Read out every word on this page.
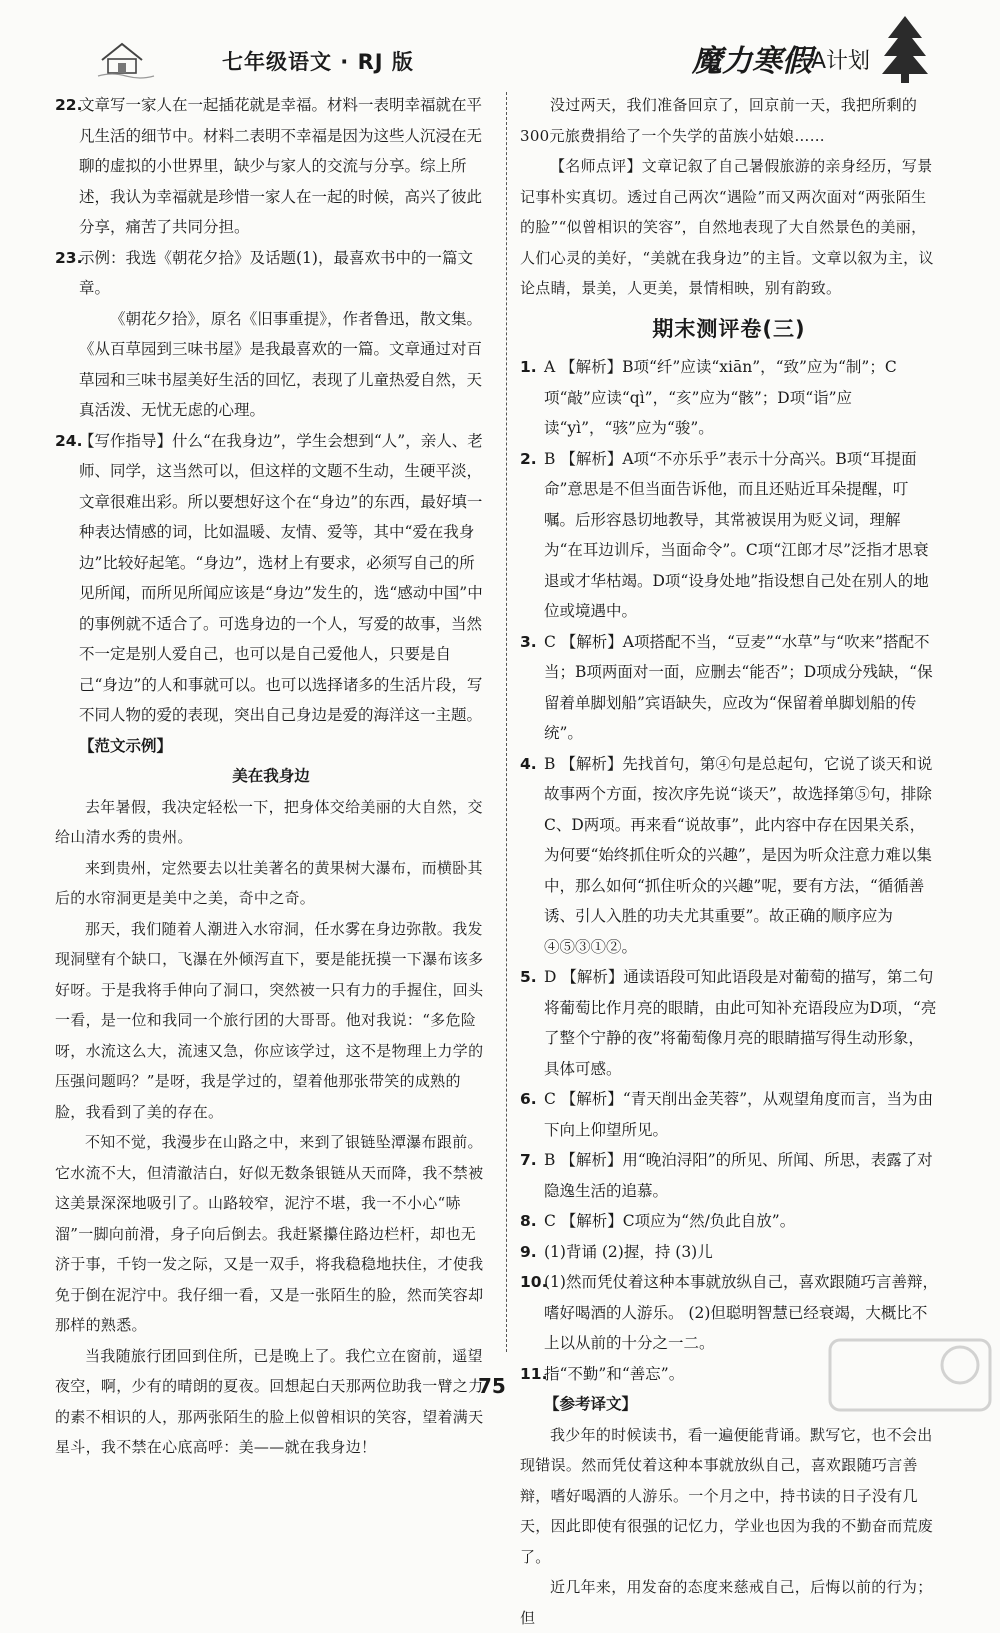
七年级语文 · RJ 版	魔力寒假 A计划
22.

文章写一家人在一起插花就是幸福。材料一表明幸福就在平凡生活的细节中。材料二表明不幸福是因为这些人沉浸在无聊的虚拟的小世界里，缺少与家人的交流与分享。综上所述，我认为幸福就是珍惜一家人在一起的时候，高兴了彼此分享，痛苦了共同分担。

23.

示例：我选《朝花夕拾》及话题(1)，最喜欢书中的一篇文章。

《朝花夕拾》，原名《旧事重提》，作者鲁迅，散文集。《从百草园到三味书屋》是我最喜欢的一篇。文章通过对百草园和三味书屋美好生活的回忆，表现了儿童热爱自然，天真活泼、无忧无虑的心理。

24.

【写作指导】什么“在我身边”，学生会想到“人”，亲人、老师、同学，这当然可以，但这样的文题不生动，生硬平淡，文章很难出彩。所以要想好这个在“身边”的东西，最好填一种表达情感的词，比如温暖、友情、爱等，其中“爱在我身边”比较好起笔。“身边”，选材上有要求，必须写自己的所见所闻，而所见所闻应该是“身边”发生的，选“感动中国”中的事例就不适合了。可选身边的一个人，写爱的故事，当然不一定是别人爱自己，也可以是自己爱他人，只要是自己“身边”的人和事就可以。也可以选择诸多的生活片段，写不同人物的爱的表现，突出自己身边是爱的海洋这一主题。

【范文示例】

美在我身边

去年暑假，我决定轻松一下，把身体交给美丽的大自然，交给山清水秀的贵州。

来到贵州，定然要去以壮美著名的黄果树大瀑布，而横卧其后的水帘洞更是美中之美，奇中之奇。

那天，我们随着人潮进入水帘洞，任水雾在身边弥散。我发现洞壁有个缺口，飞瀑在外倾泻直下，要是能抚摸一下瀑布该多好呀。于是我将手伸向了洞口，突然被一只有力的手握住，回头一看，是一位和我同一个旅行团的大哥哥。他对我说：“多危险呀，水流这么大，流速又急，你应该学过，这不是物理上力学的压强问题吗？”是呀，我是学过的，望着他那张带笑的成熟的脸，我看到了美的存在。

不知不觉，我漫步在山路之中，来到了银链坠潭瀑布跟前。它水流不大，但清澈洁白，好似无数条银链从天而降，我不禁被这美景深深地吸引了。山路较窄，泥泞不堪，我一不小心“哧溜”一脚向前滑，身子向后倒去。我赶紧攥住路边栏杆，却也无济于事，千钧一发之际，又是一双手，将我稳稳地扶住，才使我免于倒在泥泞中。我仔细一看，又是一张陌生的脸，然而笑容却那样的熟悉。

当我随旅行团回到住所，已是晚上了。我伫立在窗前，遥望夜空，啊，少有的晴朗的夏夜。回想起白天那两位助我一臂之力的素不相识的人，那两张陌生的脸上似曾相识的笑容，望着满天星斗，我不禁在心底高呼：美——就在我身边！

没过两天，我们准备回京了，回京前一天，我把所剩的300元旅费捐给了一个失学的苗族小姑娘……

【名师点评】文章记叙了自己暑假旅游的亲身经历，写景记事朴实真切。透过自己两次“遇险”而又两次面对“两张陌生的脸”“似曾相识的笑容”，自然地表现了大自然景色的美丽，人们心灵的美好，“美就在我身边”的主旨。文章以叙为主，议论点睛，景美，人更美，景情相映，别有韵致。

期末测评卷(三)
1. A 【解析】B项“纤”应读“xiān”，“致”应为“制”；C项“敲”应读“qì”，“亥”应为“骸”；D项“诣”应读“yì”，“骇”应为“骏”。

2. B 【解析】A项“不亦乐乎”表示十分高兴。B项“耳提面命”意思是不但当面告诉他，而且还贴近耳朵提醒，叮嘱。后形容恳切地教导，其常被误用为贬义词，理解为“在耳边训斥，当面命令”。C项“江郎才尽”泛指才思衰退或才华枯竭。D项“设身处地”指设想自己处在别人的地位或境遇中。

3. C 【解析】A项搭配不当，“豆麦”“水草”与“吹来”搭配不当；B项两面对一面，应删去“能否”；D项成分残缺，“保留着单脚划船”宾语缺失，应改为“保留着单脚划船的传统”。

4. B 【解析】先找首句，第④句是总起句，它说了谈天和说故事两个方面，按次序先说“谈天”，故选择第⑤句，排除C、D两项。再来看“说故事”，此内容中存在因果关系，为何要“始终抓住听众的兴趣”，是因为听众注意力难以集中，那么如何“抓住听众的兴趣”呢，要有方法，“循循善诱、引人入胜的功夫尤其重要”。故正确的顺序应为④⑤③①②。

5. D 【解析】通读语段可知此语段是对葡萄的描写，第二句将葡萄比作月亮的眼睛，由此可知补充语段应为D项，“亮了整个宁静的夜”将葡萄像月亮的眼睛描写得生动形象，具体可感。

6. C 【解析】“青天削出金芙蓉”，从观望角度而言，当为由下向上仰望所见。

7. B 【解析】用“晚泊浔阳”的所见、所闻、所思，表露了对隐逸生活的追慕。

8. C 【解析】C项应为“然/负此自放”。

9. (1)背诵 (2)握，持 (3)儿

10.

(1)然而凭仗着这种本事就放纵自己，喜欢跟随巧言善辩，嗜好喝酒的人游乐。 (2)但聪明智慧已经衰竭，大概比不上以从前的十分之一二。

11.

指“不勤”和“善忘”。

【参考译文】

我少年的时候读书，看一遍便能背诵。默写它，也不会出现错误。然而凭仗着这种本事就放纵自己，喜欢跟随巧言善辩，嗜好喝酒的人游乐。一个月之中，持书读的日子没有几天，因此即使有很强的记忆力，学业也因为我的不勤奋而荒废了。

近几年来，用发奋的态度来慈戒自己，后悔以前的行为；但

75
